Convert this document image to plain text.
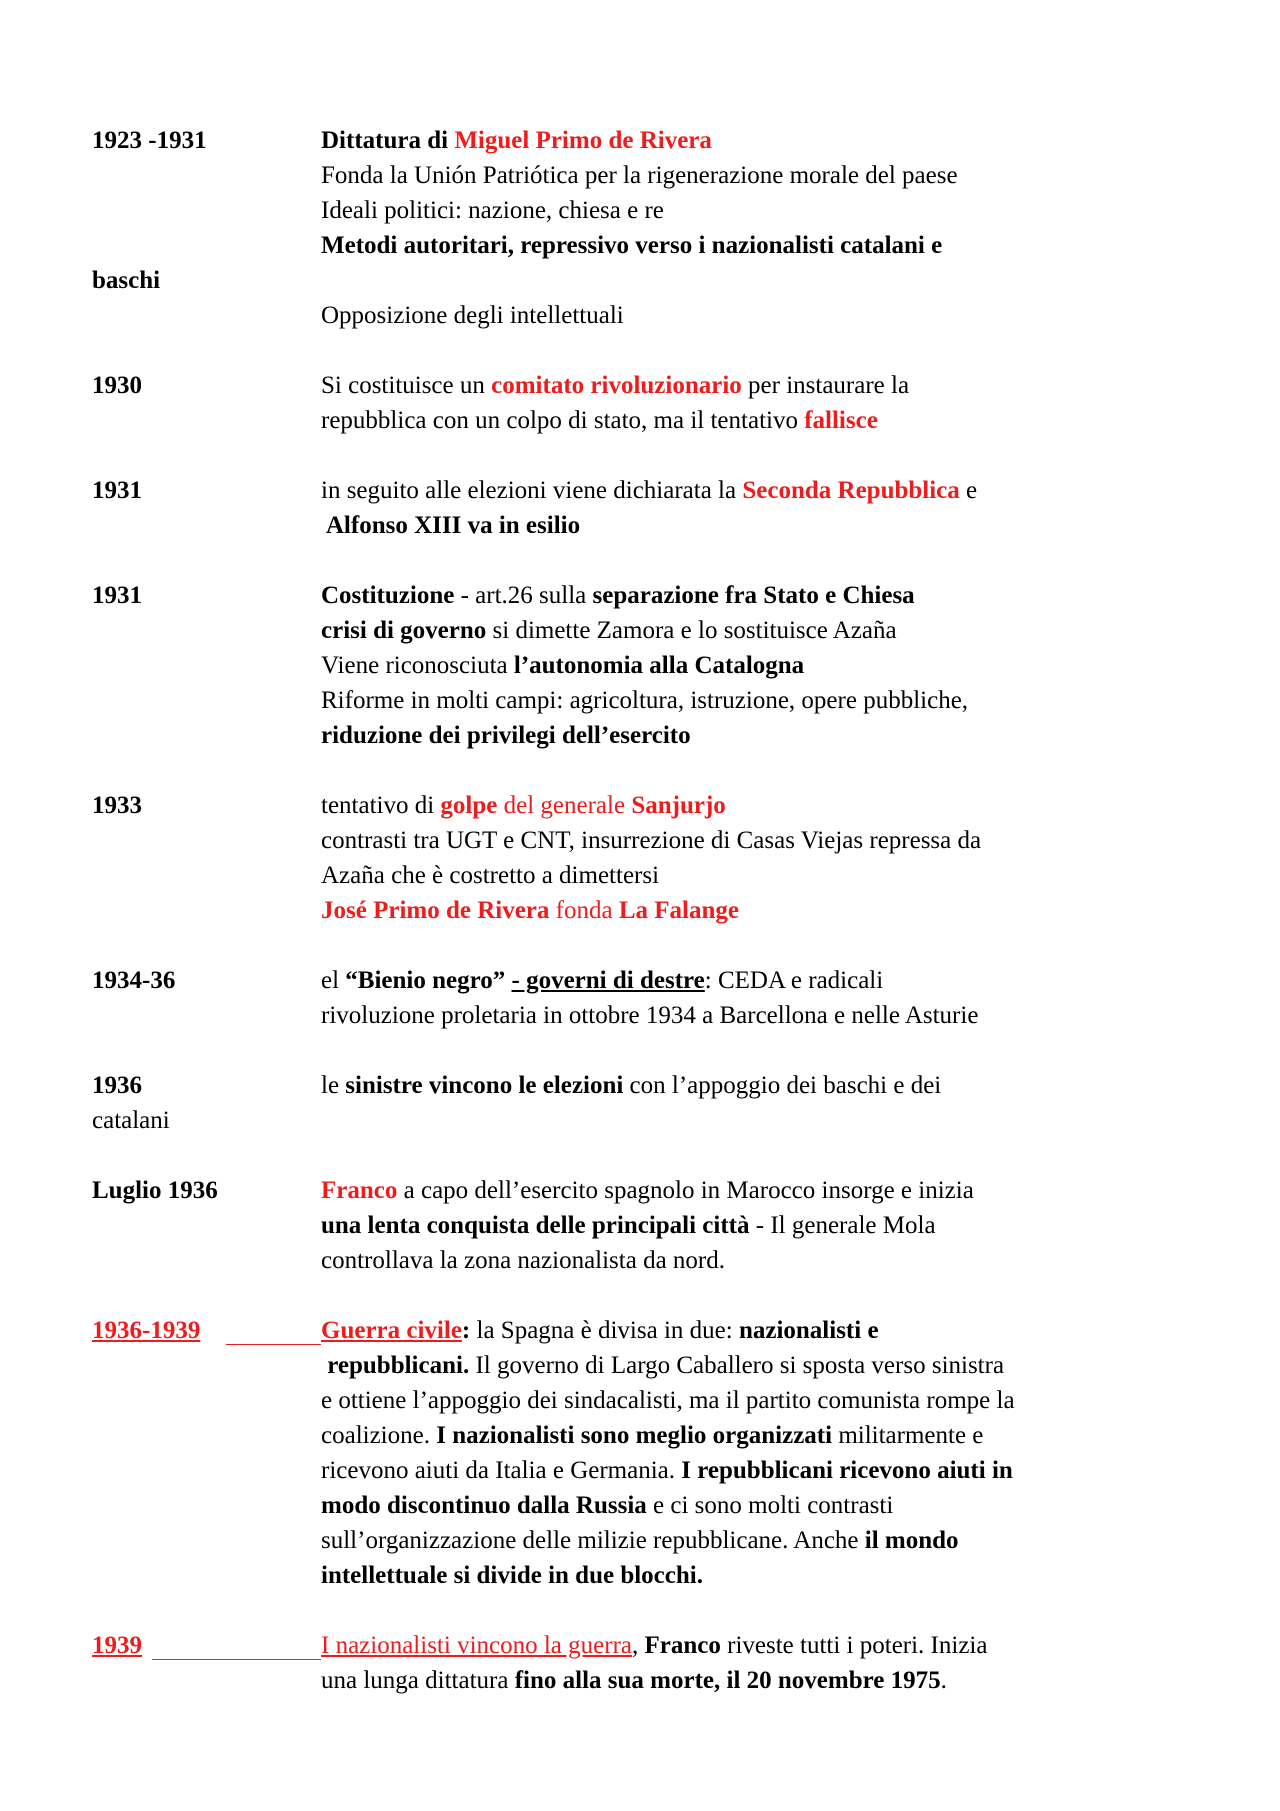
1923 -1931	Dittatura di Miguel Primo de Rivera
Fonda la Unión Patriótica per la rigenerazione morale del paese
Ideali politici: nazione, chiesa e re
Metodi autoritari, repressivo verso i nazionalisti catalani e
baschi
Opposizione degli intellettuali
1930	Si costituisce un comitato rivoluzionario per instaurare la
repubblica con un colpo di stato, ma il tentativo fallisce
1931	in seguito alle elezioni viene dichiarata la Seconda Repubblica e
Alfonso XIII va in esilio
1931	Costituzione - art.26 sulla separazione fra Stato e Chiesa
crisi di governo si dimette Zamora e lo sostituisce Azaña
Viene riconosciuta l’autonomia alla Catalogna
Riforme in molti campi: agricoltura, istruzione, opere pubbliche,
riduzione dei privilegi dell’esercito
1933	tentativo di golpe del generale Sanjurjo
contrasti tra UGT e CNT, insurrezione di Casas Viejas repressa da
Azaña che è costretto a dimettersi
José Primo de Rivera fonda La Falange
1934-36	el “Bienio negro” - governi di destre: CEDA e radicali
rivoluzione proletaria in ottobre 1934 a Barcellona e nelle Asturie
1936	le sinistre vincono le elezioni con l’appoggio dei baschi e dei
catalani
Luglio 1936	Franco a capo dell’esercito spagnolo in Marocco insorge e inizia
una lenta conquista delle principali città - Il generale Mola
controllava la zona nazionalista da nord.
1936-1939	Guerra civile: la Spagna è divisa in due: nazionalisti e
repubblicani. Il governo di Largo Caballero si sposta verso sinistra
e ottiene l’appoggio dei sindacalisti, ma il partito comunista rompe la
coalizione. I nazionalisti sono meglio organizzati militarmente e
ricevono aiuti da Italia e Germania. I repubblicani ricevono aiuti in
modo discontinuo dalla Russia e ci sono molti contrasti
sull’organizzazione delle milizie repubblicane. Anche il mondo
intellettuale si divide in due blocchi.
1939	I nazionalisti vincono la guerra, Franco riveste tutti i poteri. Inizia
una lunga dittatura fino alla sua morte, il 20 novembre 1975.
